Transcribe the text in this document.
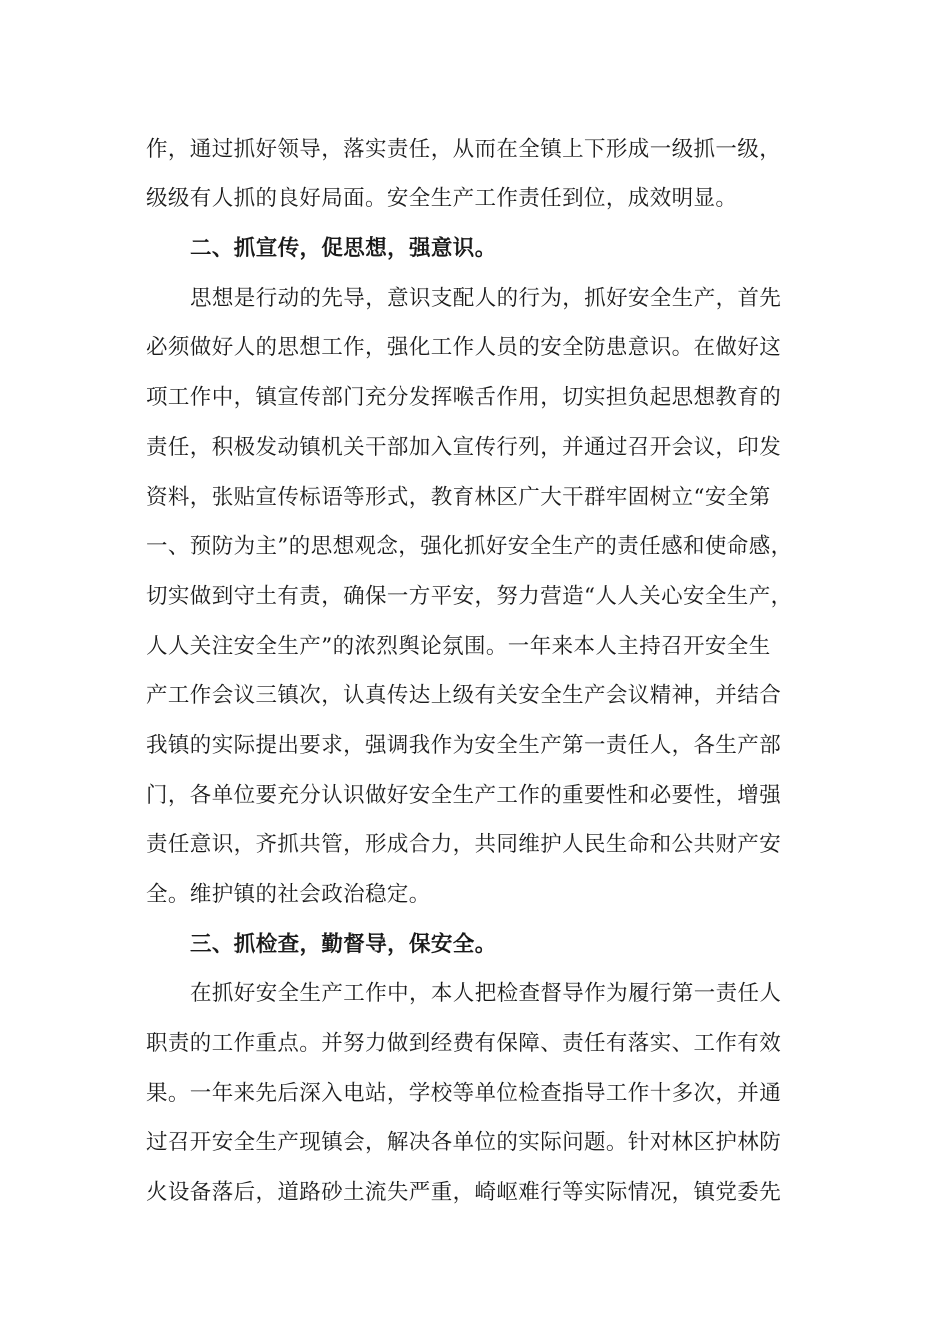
作，通过抓好领导，落实责任，从而在全镇上下形成一级抓一级，
级级有人抓的良好局面。安全生产工作责任到位，成效明显。
二、抓宣传，促思想，强意识。
思想是行动的先导，意识支配人的行为，抓好安全生产，首先
必须做好人的思想工作，强化工作人员的安全防患意识。在做好这
项工作中，镇宣传部门充分发挥喉舌作用，切实担负起思想教育的
责任，积极发动镇机关干部加入宣传行列，并通过召开会议，印发
资料，张贴宣传标语等形式，教育林区广大干群牢固树立“安全第
一、预防为主”的思想观念，强化抓好安全生产的责任感和使命感，
切实做到守土有责，确保一方平安，努力营造“人人关心安全生产，
人人关注安全生产”的浓烈舆论氛围。一年来本人主持召开安全生
产工作会议三镇次，认真传达上级有关安全生产会议精神，并结合
我镇的实际提出要求，强调我作为安全生产第一责任人，各生产部
门，各单位要充分认识做好安全生产工作的重要性和必要性，增强
责任意识，齐抓共管，形成合力，共同维护人民生命和公共财产安
全。维护镇的社会政治稳定。
三、抓检查，勤督导，保安全。
在抓好安全生产工作中，本人把检查督导作为履行第一责任人
职责的工作重点。并努力做到经费有保障、责任有落实、工作有效
果。一年来先后深入电站，学校等单位检查指导工作十多次，并通
过召开安全生产现镇会，解决各单位的实际问题。针对林区护林防
火设备落后，道路砂土流失严重，崎岖难行等实际情况，镇党委先
